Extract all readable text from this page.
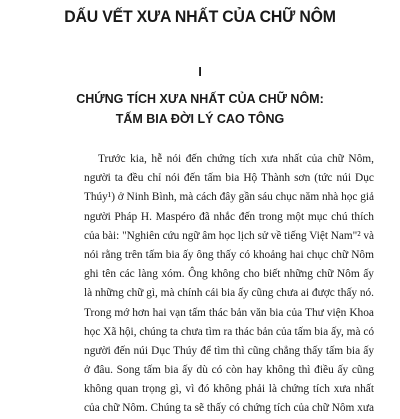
DẤU VẾT XƯA NHẤT CỦA CHỮ NÔM
I
CHỨNG TÍCH XƯA NHẤT CỦA CHỮ NÔM:
TẤM BIA ĐỜI LÝ CAO TÔNG
Trước kia, hễ nói đến chứng tích xưa nhất của chữ Nôm,
người ta đều chỉ nói đến tấm bia Hộ Thành sơn (tức núi Dục
Thúy¹) ở Ninh Bình, mà cách đây gần sáu chục năm nhà học giả
người Pháp H. Maspéro đã nhắc đến trong một mục chú thích
của bài: "Nghiên cứu ngữ âm học lịch sử về tiếng Việt Nam"² và
nói rằng trên tấm bia ấy ông thấy có khoảng hai chục chữ Nôm
ghi tên các làng xóm. Ông không cho biết những chữ Nôm ấy
là những chữ gì, mà chính cái bia ấy cũng chưa ai được thấy nó.
Trong mớ hơn hai vạn tấm thác bản văn bia của Thư viện Khoa
học Xã hội, chúng ta chưa tìm ra thác bản của tấm bia ấy, mà có
người đến núi Dục Thúy để tìm thì cũng chẳng thấy tấm bia ấy
ở đâu. Song tấm bia ấy dù có còn hay không thì điều ấy cũng
không quan trọng gì, vì đó không phải là chứng tích xưa nhất
của chữ Nôm. Chúng ta sẽ thấy có chứng tích của chữ Nôm xưa
